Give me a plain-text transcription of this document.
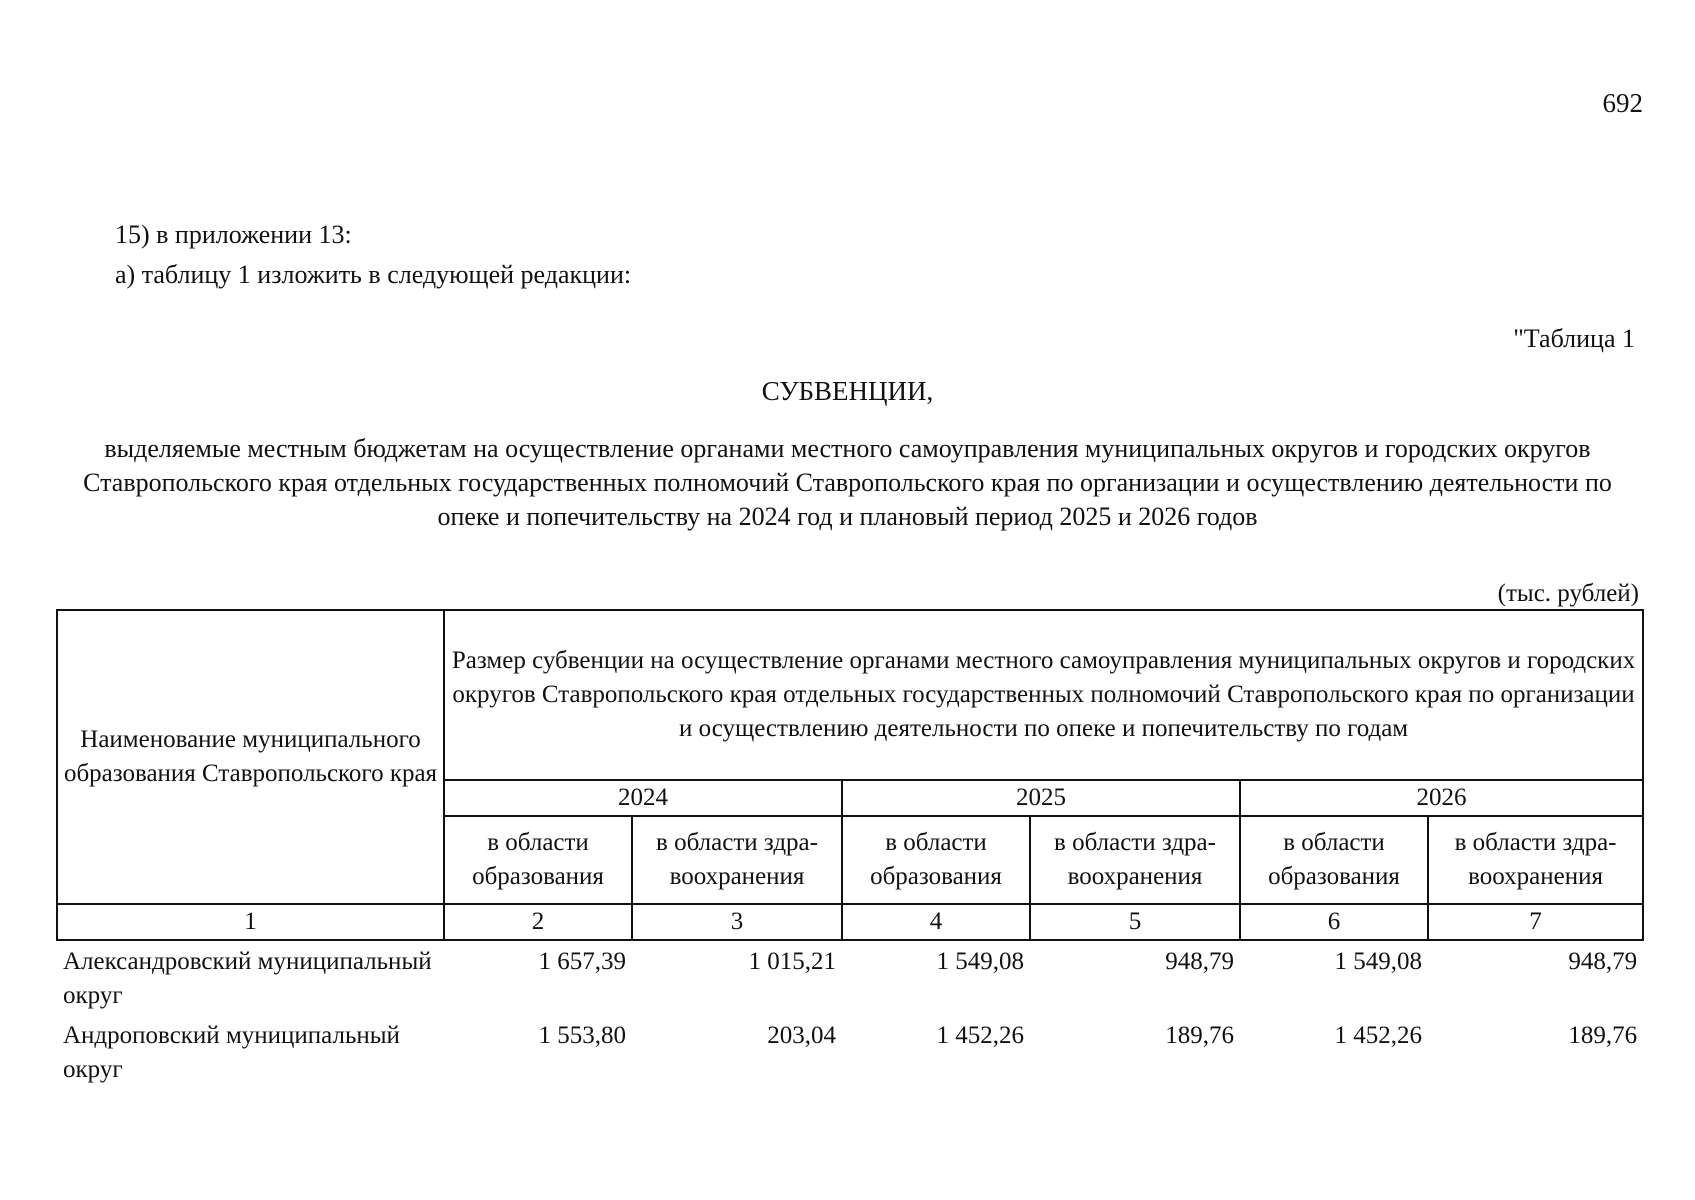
692
15) в приложении 13:
а) таблицу 1 изложить в следующей редакции:
"Таблица 1
СУБВЕНЦИИ,
выделяемые местным бюджетам на осуществление органами местного самоуправления муниципальных округов и городских округов Ставропольского края отдельных государственных полномочий Ставропольского края по организации и осуществлению деятельности по опеке и попечительству на 2024 год и плановый период 2025 и 2026 годов
(тыс. рублей)
Наименование муниципального образования Ставропольского края	Размер субвенции на осуществление органами местного самоуправления муниципальных округов и городских округов Ставропольского края отдельных государственных полномочий Ставропольского края по организации и осуществлению деятельности по опеке и попечительству по годам					
	2024		2025		2026	
	в области образования	в области здра-воохранения	в области образования	в области здра-воохранения	в области образования	в области здра-воохранения
1	2	3	4	5	6	7
Александровский муниципальный округ	1 657,39	1 015,21	1 549,08	948,79	1 549,08	948,79
Андроповский муниципальный округ	1 553,80	203,04	1 452,26	189,76	1 452,26	189,76
